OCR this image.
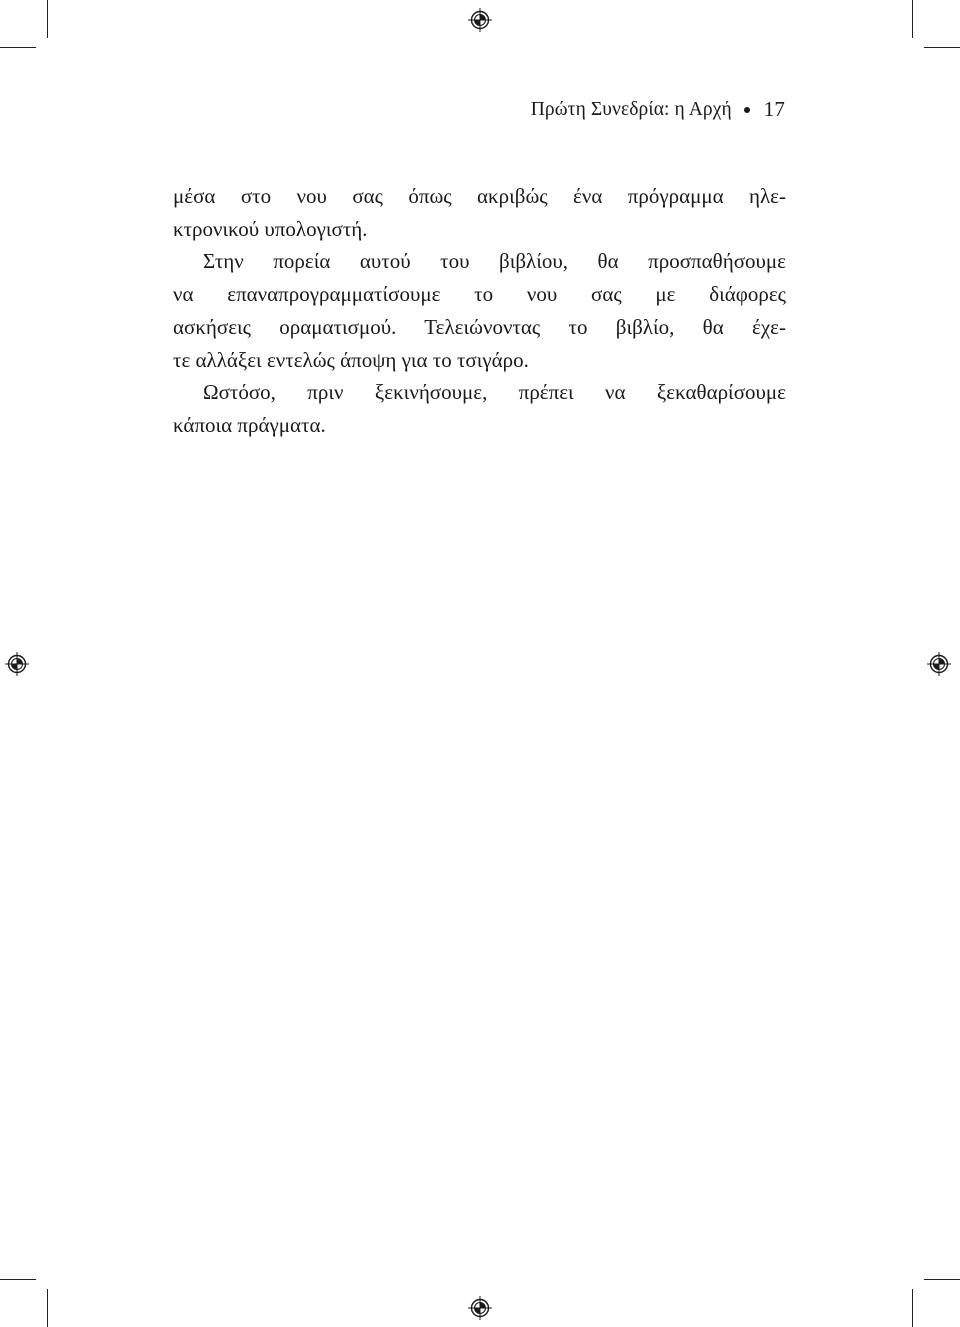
Πρώτη Συνεδρία: η Αρχή 17
μέσα στο νου σας όπως ακριβώς ένα πρόγραμμα ηλε-
κτρονικού υπολογιστή.
Στην πορεία αυτού του βιβλίου, θα προσπαθήσουμε
να επαναπρογραμματίσουμε το νου σας με διάφορες
ασκήσεις οραματισμού. Τελειώνοντας το βιβλίο, θα έχε-
τε αλλάξει εντελώς άποψη για το τσιγάρο.
Ωστόσο, πριν ξεκινήσουμε, πρέπει να ξεκαθαρίσουμε
κάποια πράγματα.
